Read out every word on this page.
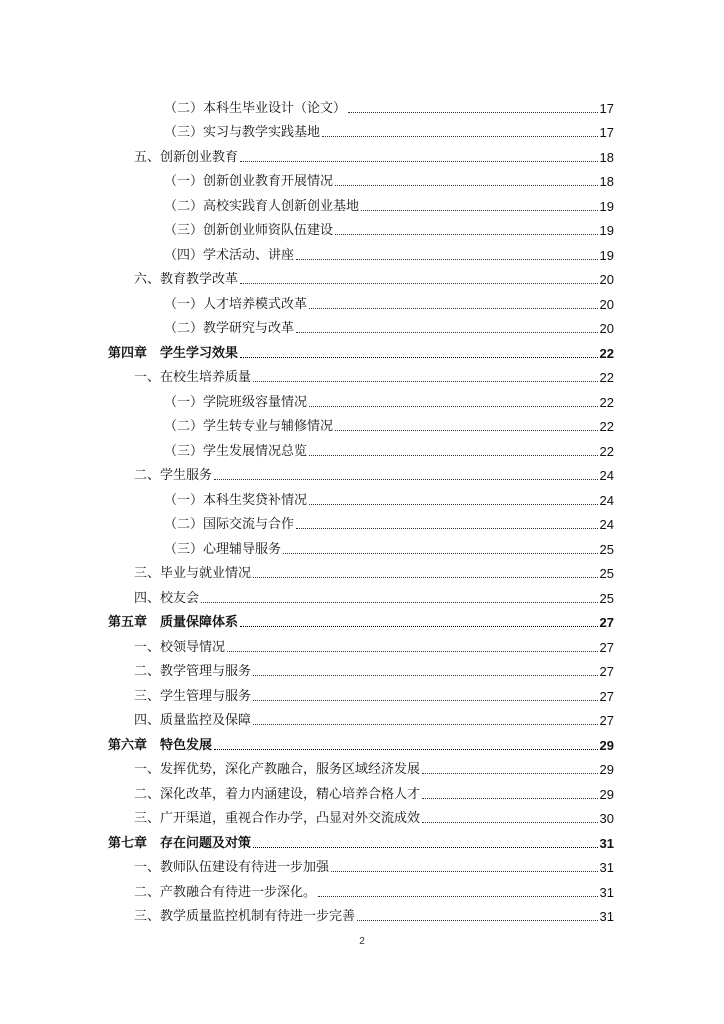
（二）本科生毕业设计（论文）	17
（三）实习与教学实践基地	17
五、创新创业教育	18
（一）创新创业教育开展情况	18
（二）高校实践育人创新创业基地	19
（三）创新创业师资队伍建设	19
（四）学术活动、讲座	19
六、教育教学改革	20
（一）人才培养模式改革	20
（二）教学研究与改革	20
第四章　学生学习效果	22
一、在校生培养质量	22
（一）学院班级容量情况	22
（二）学生转专业与辅修情况	22
（三）学生发展情况总览	22
二、学生服务	24
（一）本科生奖贷补情况	24
（二）国际交流与合作	24
（三）心理辅导服务	25
三、毕业与就业情况	25
四、校友会	25
第五章　质量保障体系	27
一、校领导情况	27
二、教学管理与服务	27
三、学生管理与服务	27
四、质量监控及保障	27
第六章　特色发展	29
一、发挥优势，深化产教融合，服务区域经济发展	29
二、深化改革，着力内涵建设，精心培养合格人才	29
三、广开渠道，重视合作办学，凸显对外交流成效	30
第七章　存在问题及对策	31
一、教师队伍建设有待进一步加强	31
二、产教融合有待进一步深化。	31
三、教学质量监控机制有待进一步完善	31
2
